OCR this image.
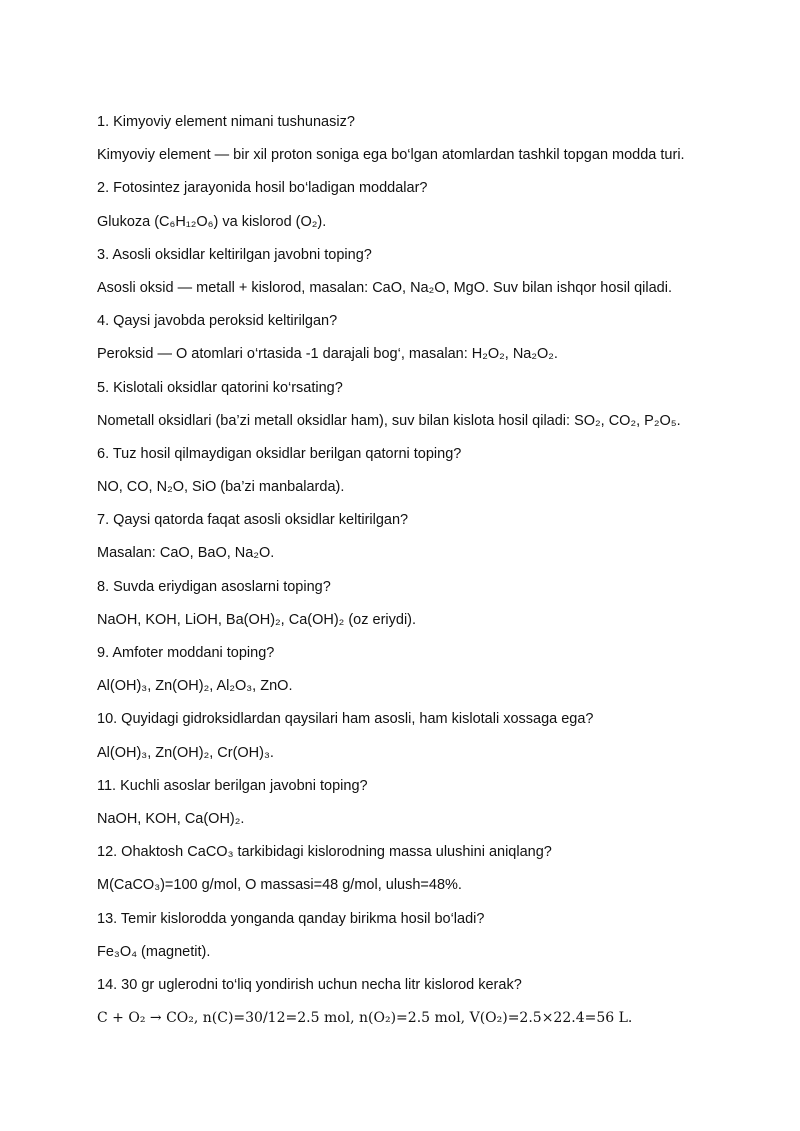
1. Kimyoviy element nimani tushunasiz?
Kimyoviy element — bir xil proton soniga ega bo‘lgan atomlardan tashkil topgan modda turi.
2. Fotosintez jarayonida hosil bo‘ladigan moddalar?
Glukoza (C₆H₁₂O₆) va kislorod (O₂).
3. Asosli oksidlar keltirilgan javobni toping?
Asosli oksid — metall + kislorod, masalan: CaO, Na₂O, MgO. Suv bilan ishqor hosil qiladi.
4. Qaysi javobda peroksid keltirilgan?
Peroksid — O atomlari o‘rtasida -1 darajali bog‘, masalan: H₂O₂, Na₂O₂.
5. Kislotali oksidlar qatorini ko‘rsating?
Nometall oksidlari (ba’zi metall oksidlar ham), suv bilan kislota hosil qiladi: SO₂, CO₂, P₂O₅.
6. Tuz hosil qilmaydigan oksidlar berilgan qatorni toping?
NO, CO, N₂O, SiO (ba’zi manbalarda).
7. Qaysi qatorda faqat asosli oksidlar keltirilgan?
Masalan: CaO, BaO, Na₂O.
8. Suvda eriydigan asoslarni toping?
NaOH, KOH, LiOH, Ba(OH)₂, Ca(OH)₂ (oz eriydi).
9. Amfoter moddani toping?
Al(OH)₃, Zn(OH)₂, Al₂O₃, ZnO.
10. Quyidagi gidroksidlardan qaysilari ham asosli, ham kislotali xossaga ega?
Al(OH)₃, Zn(OH)₂, Cr(OH)₃.
11. Kuchli asoslar berilgan javobni toping?
NaOH, KOH, Ca(OH)₂.
12. Ohaktosh CaCO₃ tarkibidagi kislorodning massa ulushini aniqlang?
M(CaCO₃)=100 g/mol, O massasi=48 g/mol, ulush=48%.
13. Temir kislorodda yonganda qanday birikma hosil bo‘ladi?
Fe₃O₄ (magnetit).
14. 30 gr uglerodni to‘liq yondirish uchun necha litr kislorod kerak?
C + O₂ → CO₂, n(C)=30/12=2.5 mol, n(O₂)=2.5 mol, V(O₂)=2.5×22.4=56 L.
